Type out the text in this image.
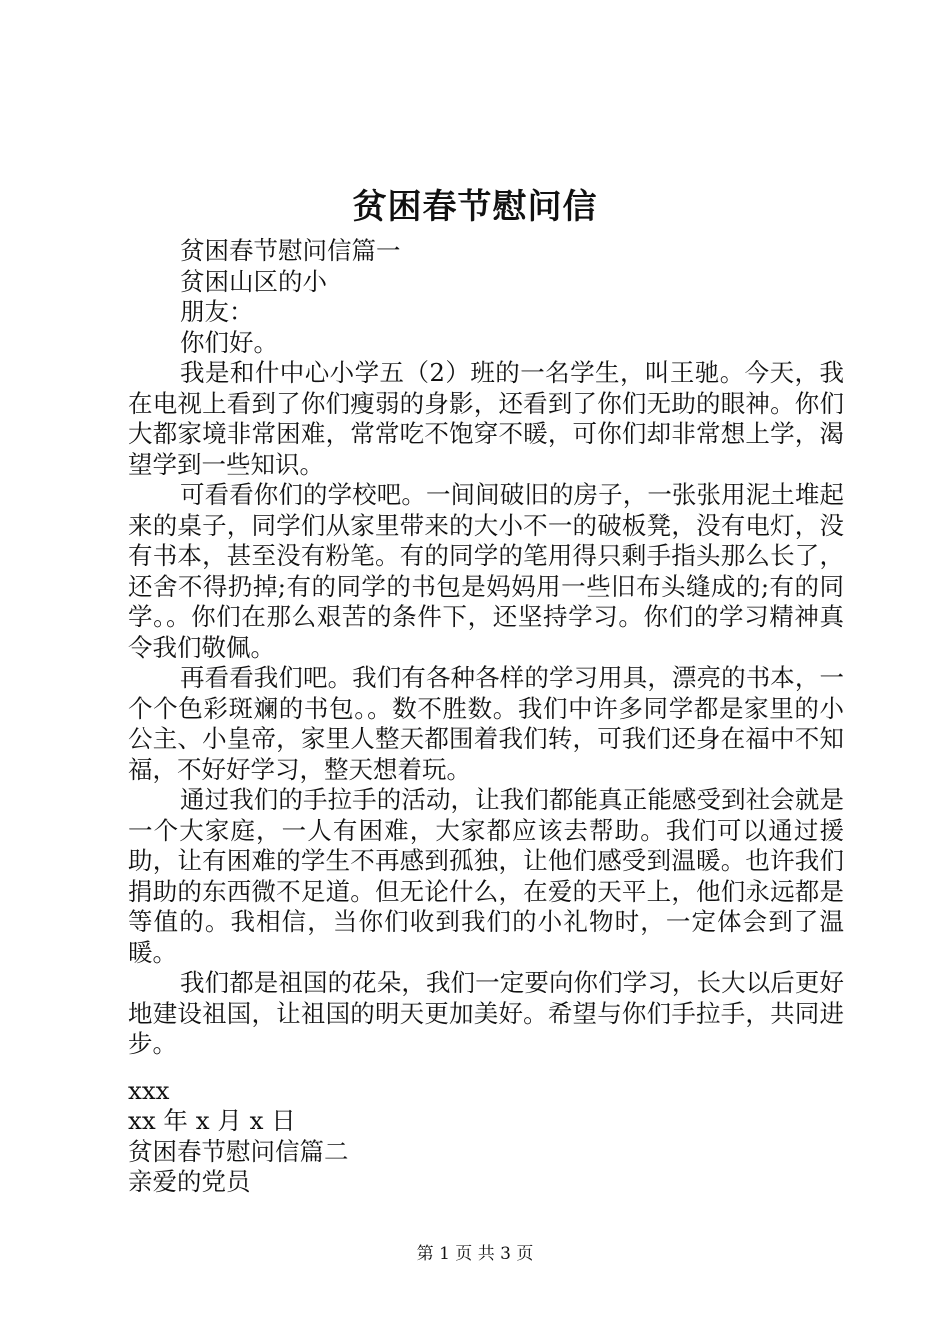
贫困春节慰问信

贫困春节慰问信篇一

贫困山区的小

朋友：

你们好。

我是和什中心小学五（2）班的一名学生，叫王驰。今天，我在电视上看到了你们瘦弱的身影，还看到了你们无助的眼神。你们大都家境非常困难，常常吃不饱穿不暖，可你们却非常想上学，渴望学到一些知识。

可看看你们的学校吧。一间间破旧的房子，一张张用泥土堆起来的桌子，同学们从家里带来的大小不一的破板凳，没有电灯，没有书本，甚至没有粉笔。有的同学的笔用得只剩手指头那么长了，还舍不得扔掉;有的同学的书包是妈妈用一些旧布头缝成的;有的同学。。你们在那么艰苦的条件下，还坚持学习。你们的学习精神真令我们敬佩。

再看看我们吧。我们有各种各样的学习用具，漂亮的书本，一个个色彩斑斓的书包。。数不胜数。我们中许多同学都是家里的小公主、小皇帝，家里人整天都围着我们转，可我们还身在福中不知福，不好好学习，整天想着玩。

通过我们的手拉手的活动，让我们都能真正能感受到社会就是一个大家庭，一人有困难，大家都应该去帮助。我们可以通过援助，让有困难的学生不再感到孤独，让他们感受到温暖。也许我们捐助的东西微不足道。但无论什么，在爱的天平上，他们永远都是等值的。我相信，当你们收到我们的小礼物时，一定体会到了温暖。

我们都是祖国的花朵，我们一定要向你们学习，长大以后更好地建设祖国，让祖国的明天更加美好。希望与你们手拉手，共同进步。

xxx

xx 年 x 月 x 日

贫困春节慰问信篇二

亲爱的党员

第 1 页 共 3 页
